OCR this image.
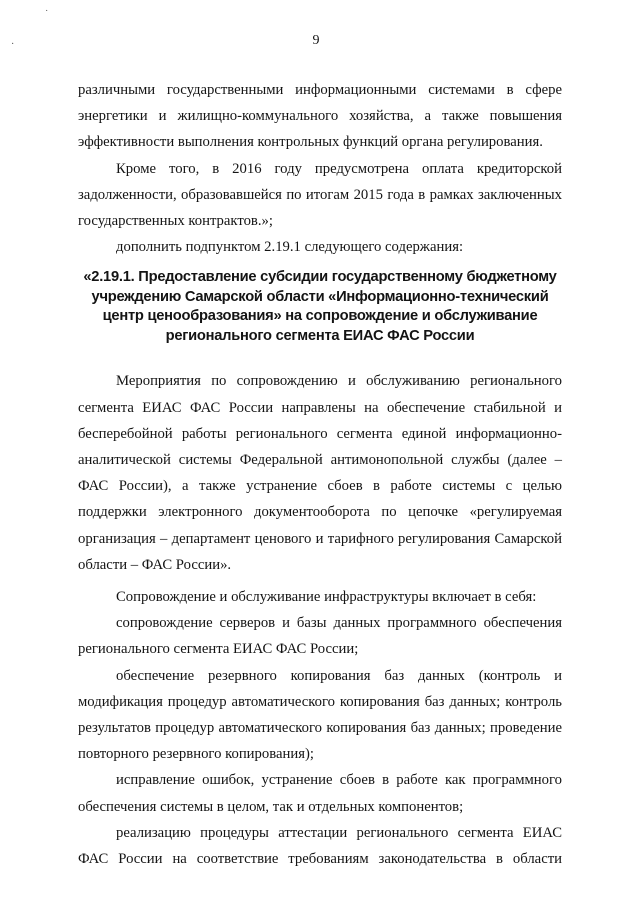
˙
·	9

различными государственными информационными системами в сфере энергетики и жилищно-коммунального хозяйства, а также повышения эффективности выполнения контрольных функций органа регулирования.

Кроме того, в 2016 году предусмотрена оплата кредиторской задолженности, образовавшейся по итогам 2015 года в рамках заключенных государственных контрактов.»;

дополнить подпунктом 2.19.1 следующего содержания:

«2.19.1. Предоставление субсидии государственному бюджетному учреждению Самарской области «Информационно-технический центр ценообразования» на сопровождение и обслуживание регионального сегмента ЕИАС ФАС России

Мероприятия по сопровождению и обслуживанию регионального сегмента ЕИАС ФАС России направлены на обеспечение стабильной и бесперебойной работы регионального сегмента единой информационно-аналитической системы Федеральной антимонопольной службы (далее – ФАС России), а также устранение сбоев в работе системы с целью поддержки электронного документооборота по цепочке «регулируемая организация – департамент ценового и тарифного регулирования Самарской области – ФАС России».

Сопровождение и обслуживание инфраструктуры включает в себя:

сопровождение серверов и базы данных программного обеспечения регионального сегмента ЕИАС ФАС России;

обеспечение резервного копирования баз данных (контроль и модификация процедур автоматического копирования баз данных; контроль результатов процедур автоматического копирования баз данных; проведение повторного резервного копирования);

исправление ошибок, устранение сбоев в работе как программного обеспечения системы в целом, так и отдельных компонентов;

реализацию процедуры аттестации регионального сегмента ЕИАС ФАС России на соответствие требованиям законодательства в области
